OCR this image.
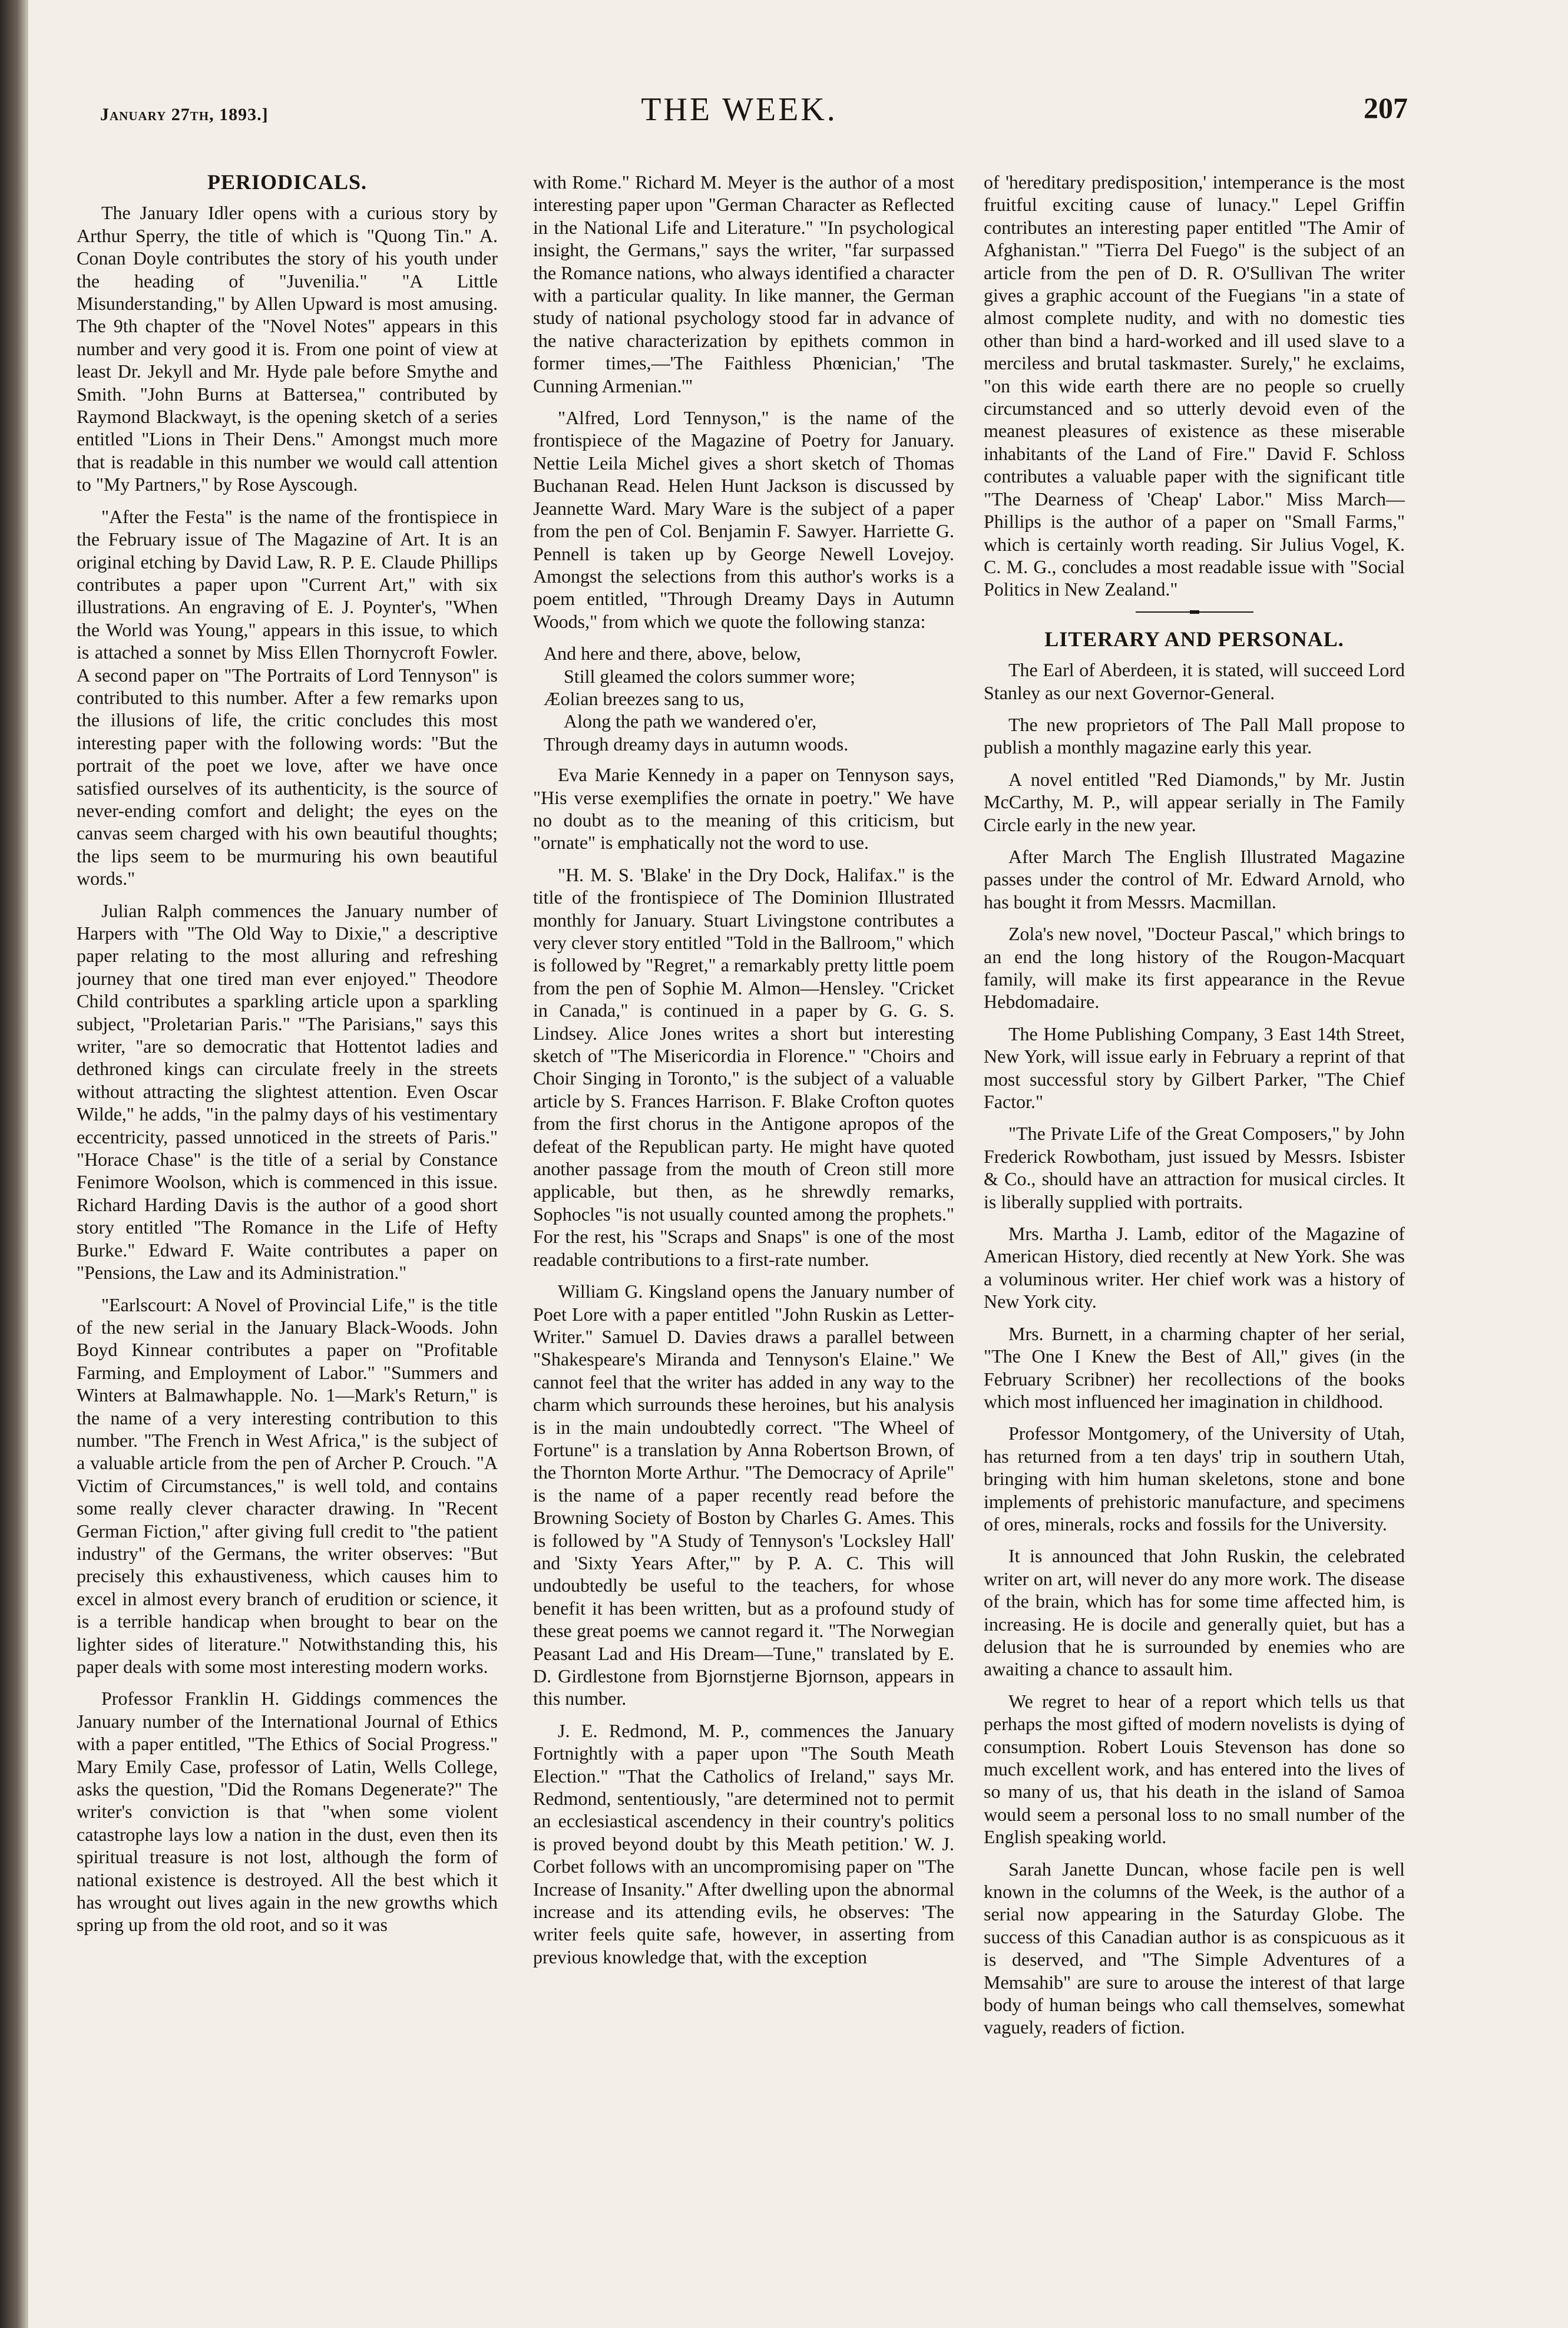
January 27th, 1893.]	THE WEEK.	207
PERIODICALS.

The January Idler opens with a curious story by Arthur Sperry, the title of which is "Quong Tin." A. Conan Doyle contributes the story of his youth under the heading of "Juvenilia." "A Little Misunderstanding," by Allen Upward is most amusing. The 9th chapter of the "Novel Notes" appears in this number and very good it is. From one point of view at least Dr. Jekyll and Mr. Hyde pale before Smythe and Smith. "John Burns at Battersea," contributed by Raymond Blackwayt, is the opening sketch of a series entitled "Lions in Their Dens." Amongst much more that is readable in this number we would call attention to "My Partners," by Rose Ayscough.

"After the Festa" is the name of the frontispiece in the February issue of The Magazine of Art. It is an original etching by David Law, R. P. E. Claude Phillips contributes a paper upon "Current Art," with six illustrations. An engraving of E. J. Poynter's, "When the World was Young," appears in this issue, to which is attached a sonnet by Miss Ellen Thornycroft Fowler. A second paper on "The Portraits of Lord Tennyson" is contributed to this number. After a few remarks upon the illusions of life, the critic concludes this most interesting paper with the following words: "But the portrait of the poet we love, after we have once satisfied ourselves of its authenticity, is the source of never-ending comfort and delight; the eyes on the canvas seem charged with his own beautiful thoughts; the lips seem to be murmuring his own beautiful words."

Julian Ralph commences the January number of Harpers with "The Old Way to Dixie," a descriptive paper relating to the most alluring and refreshing journey that one tired man ever enjoyed." Theodore Child contributes a sparkling article upon a sparkling subject, "Proletarian Paris." "The Parisians," says this writer, "are so democratic that Hottentot ladies and dethroned kings can circulate freely in the streets without attracting the slightest attention. Even Oscar Wilde," he adds, "in the palmy days of his vestimentary eccentricity, passed unnoticed in the streets of Paris." "Horace Chase" is the title of a serial by Constance Fenimore Woolson, which is commenced in this issue. Richard Harding Davis is the author of a good short story entitled "The Romance in the Life of Hefty Burke." Edward F. Waite contributes a paper on "Pensions, the Law and its Administration."

"Earlscourt: A Novel of Provincial Life," is the title of the new serial in the January Black-Woods. John Boyd Kinnear contributes a paper on "Profitable Farming, and Employment of Labor." "Summers and Winters at Balmawhapple. No. 1—Mark's Return," is the name of a very interesting contribution to this number. "The French in West Africa," is the subject of a valuable article from the pen of Archer P. Crouch. "A Victim of Circumstances," is well told, and contains some really clever character drawing. In "Recent German Fiction," after giving full credit to "the patient industry" of the Germans, the writer observes: "But precisely this exhaustiveness, which causes him to excel in almost every branch of erudition or science, it is a terrible handicap when brought to bear on the lighter sides of literature." Notwithstanding this, his paper deals with some most interesting modern works.

Professor Franklin H. Giddings commences the January number of the International Journal of Ethics with a paper entitled, "The Ethics of Social Progress." Mary Emily Case, professor of Latin, Wells College, asks the question, "Did the Romans Degenerate?" The writer's conviction is that "when some violent catastrophe lays low a nation in the dust, even then its spiritual treasure is not lost, although the form of national existence is destroyed. All the best which it has wrought out lives again in the new growths which spring up from the old root, and so it was

with Rome." Richard M. Meyer is the author of a most interesting paper upon "German Character as Reflected in the National Life and Literature." "In psychological insight, the Germans," says the writer, "far surpassed the Romance nations, who always identified a character with a particular quality. In like manner, the German study of national psychology stood far in advance of the native characterization by epithets common in former times,—'The Faithless Phœnician,' 'The Cunning Armenian.'"

"Alfred, Lord Tennyson," is the name of the frontispiece of the Magazine of Poetry for January. Nettie Leila Michel gives a short sketch of Thomas Buchanan Read. Helen Hunt Jackson is discussed by Jeannette Ward. Mary Ware is the subject of a paper from the pen of Col. Benjamin F. Sawyer. Harriette G. Pennell is taken up by George Newell Lovejoy. Amongst the selections from this author's works is a poem entitled, "Through Dreamy Days in Autumn Woods," from which we quote the following stanza:

And here and there, above, below,
Still gleamed the colors summer wore;
Æolian breezes sang to us,
Along the path we wandered o'er,
Through dreamy days in autumn woods.

Eva Marie Kennedy in a paper on Tennyson says, "His verse exemplifies the ornate in poetry." We have no doubt as to the meaning of this criticism, but "ornate" is emphatically not the word to use.

"H. M. S. 'Blake' in the Dry Dock, Halifax." is the title of the frontispiece of The Dominion Illustrated monthly for January. Stuart Livingstone contributes a very clever story entitled "Told in the Ballroom," which is followed by "Regret," a remarkably pretty little poem from the pen of Sophie M. Almon—Hensley. "Cricket in Canada," is continued in a paper by G. G. S. Lindsey. Alice Jones writes a short but interesting sketch of "The Misericordia in Florence." "Choirs and Choir Singing in Toronto," is the subject of a valuable article by S. Frances Harrison. F. Blake Crofton quotes from the first chorus in the Antigone apropos of the defeat of the Republican party. He might have quoted another passage from the mouth of Creon still more applicable, but then, as he shrewdly remarks, Sophocles "is not usually counted among the prophets." For the rest, his "Scraps and Snaps" is one of the most readable contributions to a first-rate number.

William G. Kingsland opens the January number of Poet Lore with a paper entitled "John Ruskin as Letter-Writer." Samuel D. Davies draws a parallel between "Shakespeare's Miranda and Tennyson's Elaine." We cannot feel that the writer has added in any way to the charm which surrounds these heroines, but his analysis is in the main undoubtedly correct. "The Wheel of Fortune" is a translation by Anna Robertson Brown, of the Thornton Morte Arthur. "The Democracy of Aprile" is the name of a paper recently read before the Browning Society of Boston by Charles G. Ames. This is followed by "A Study of Tennyson's 'Locksley Hall' and 'Sixty Years After,'" by P. A. C. This will undoubtedly be useful to the teachers, for whose benefit it has been written, but as a profound study of these great poems we cannot regard it. "The Norwegian Peasant Lad and His Dream—Tune," translated by E. D. Girdlestone from Bjornstjerne Bjornson, appears in this number.

J. E. Redmond, M. P., commences the January Fortnightly with a paper upon "The South Meath Election." "That the Catholics of Ireland," says Mr. Redmond, sententiously, "are determined not to permit an ecclesiastical ascendency in their country's politics is proved beyond doubt by this Meath petition.' W. J. Corbet follows with an uncompromising paper on "The Increase of Insanity." After dwelling upon the abnormal increase and its attending evils, he observes: 'The writer feels quite safe, however, in asserting from previous knowledge that, with the exception

of 'hereditary predisposition,' intemperance is the most fruitful exciting cause of lunacy." Lepel Griffin contributes an interesting paper entitled "The Amir of Afghanistan." "Tierra Del Fuego" is the subject of an article from the pen of D. R. O'Sullivan The writer gives a graphic account of the Fuegians "in a state of almost complete nudity, and with no domestic ties other than bind a hard-worked and ill used slave to a merciless and brutal taskmaster. Surely," he exclaims, "on this wide earth there are no people so cruelly circumstanced and so utterly devoid even of the meanest pleasures of existence as these miserable inhabitants of the Land of Fire." David F. Schloss contributes a valuable paper with the significant title "The Dearness of 'Cheap' Labor." Miss March—Phillips is the author of a paper on "Small Farms," which is certainly worth reading. Sir Julius Vogel, K. C. M. G., concludes a most readable issue with "Social Politics in New Zealand."

LITERARY AND PERSONAL.

The Earl of Aberdeen, it is stated, will succeed Lord Stanley as our next Governor-General.

The new proprietors of The Pall Mall propose to publish a monthly magazine early this year.

A novel entitled "Red Diamonds," by Mr. Justin McCarthy, M. P., will appear serially in The Family Circle early in the new year.

After March The English Illustrated Magazine passes under the control of Mr. Edward Arnold, who has bought it from Messrs. Macmillan.

Zola's new novel, "Docteur Pascal," which brings to an end the long history of the Rougon-Macquart family, will make its first appearance in the Revue Hebdomadaire.

The Home Publishing Company, 3 East 14th Street, New York, will issue early in February a reprint of that most successful story by Gilbert Parker, "The Chief Factor."

"The Private Life of the Great Composers," by John Frederick Rowbotham, just issued by Messrs. Isbister & Co., should have an attraction for musical circles. It is liberally supplied with portraits.

Mrs. Martha J. Lamb, editor of the Magazine of American History, died recently at New York. She was a voluminous writer. Her chief work was a history of New York city.

Mrs. Burnett, in a charming chapter of her serial, "The One I Knew the Best of All," gives (in the February Scribner) her recollections of the books which most influenced her imagination in childhood.

Professor Montgomery, of the University of Utah, has returned from a ten days' trip in southern Utah, bringing with him human skeletons, stone and bone implements of prehistoric manufacture, and specimens of ores, minerals, rocks and fossils for the University.

It is announced that John Ruskin, the celebrated writer on art, will never do any more work. The disease of the brain, which has for some time affected him, is increasing. He is docile and generally quiet, but has a delusion that he is surrounded by enemies who are awaiting a chance to assault him.

We regret to hear of a report which tells us that perhaps the most gifted of modern novelists is dying of consumption. Robert Louis Stevenson has done so much excellent work, and has entered into the lives of so many of us, that his death in the island of Samoa would seem a personal loss to no small number of the English speaking world.

Sarah Janette Duncan, whose facile pen is well known in the columns of the Week, is the author of a serial now appearing in the Saturday Globe. The success of this Canadian author is as conspicuous as it is deserved, and "The Simple Adventures of a Memsahib" are sure to arouse the interest of that large body of human beings who call themselves, somewhat vaguely, readers of fiction.
